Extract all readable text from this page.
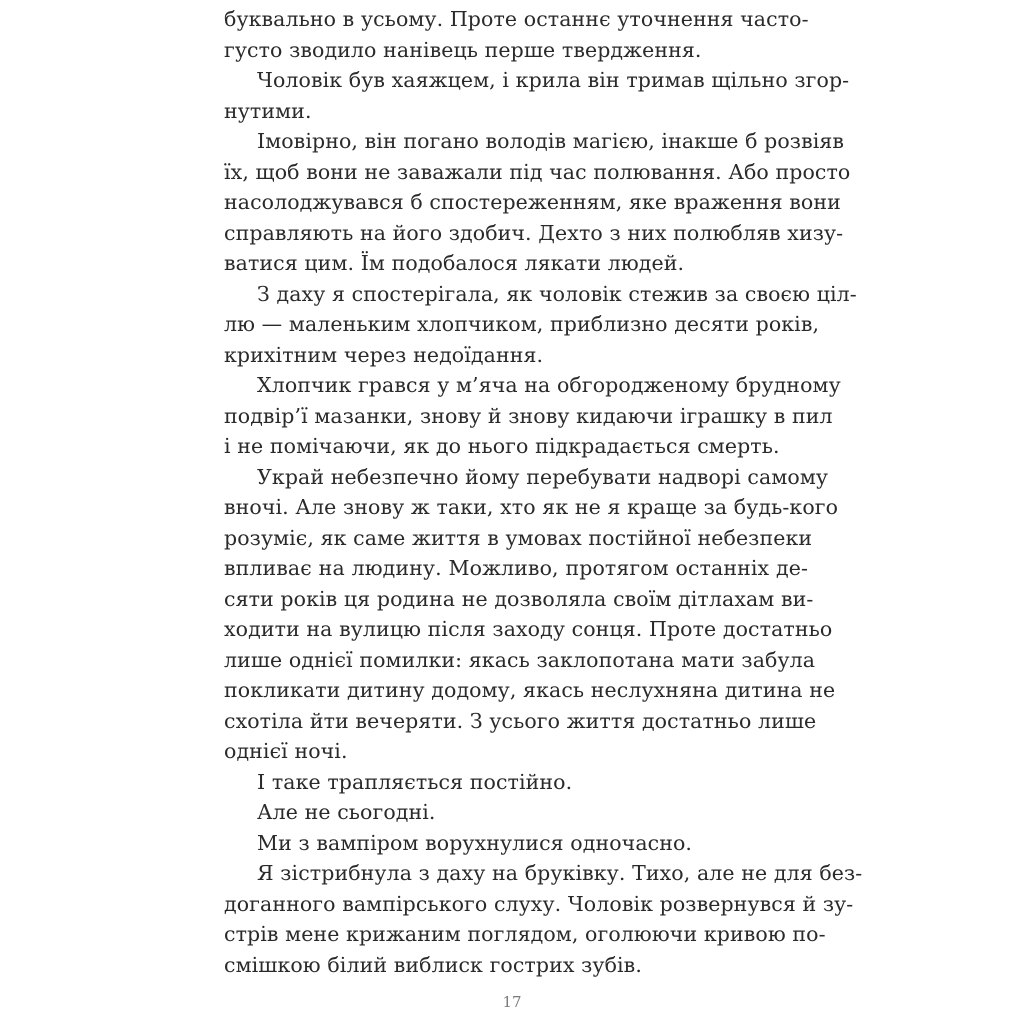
буквально в усьому. Проте останнє уточнення часто-
густо зводило нанівець перше твердження.

Чоловік був хаяжцем, і крила він тримав щільно згор-
нутими.

Імовірно, він погано володів магією, інакше б розвіяв
їх, щоб вони не заважали під час полювання. Або просто
насолоджувався б спостереженням, яке враження вони
справляють на його здобич. Дехто з них полюбляв хизу-
ватися цим. Їм подобалося лякати людей.

З даху я спостерігала, як чоловік стежив за своєю ціл-
лю — маленьким хлопчиком, приблизно десяти років,
крихітним через недоїдання.

Хлопчик грався у м’яча на обгородженому брудному
подвір’ї мазанки, знову й знову кидаючи іграшку в пил
і не помічаючи, як до нього підкрадається смерть.

Украй небезпечно йому перебувати надворі самому
вночі. Але знову ж таки, хто як не я краще за будь-кого
розуміє, як саме життя в умовах постійної небезпеки
впливає на людину. Можливо, протягом останніх де-
сяти років ця родина не дозволяла своїм дітлахам ви-
ходити на вулицю після заходу сонця. Проте достатньо
лише однієї помилки: якась заклопотана мати забула
покликати дитину додому, якась неслухняна дитина не
схотіла йти вечеряти. З усього життя достатньо лише
однієї ночі.

І таке трапляється постійно.

Але не сьогодні.

Ми з вампіром ворухнулися одночасно.

Я зістрибнула з даху на бруківку. Тихо, але не для без-
доганного вампірського слуху. Чоловік розвернувся й зу-
стрів мене крижаним поглядом, оголюючи кривою по-
смішкою білий виблиск гострих зубів.

17
